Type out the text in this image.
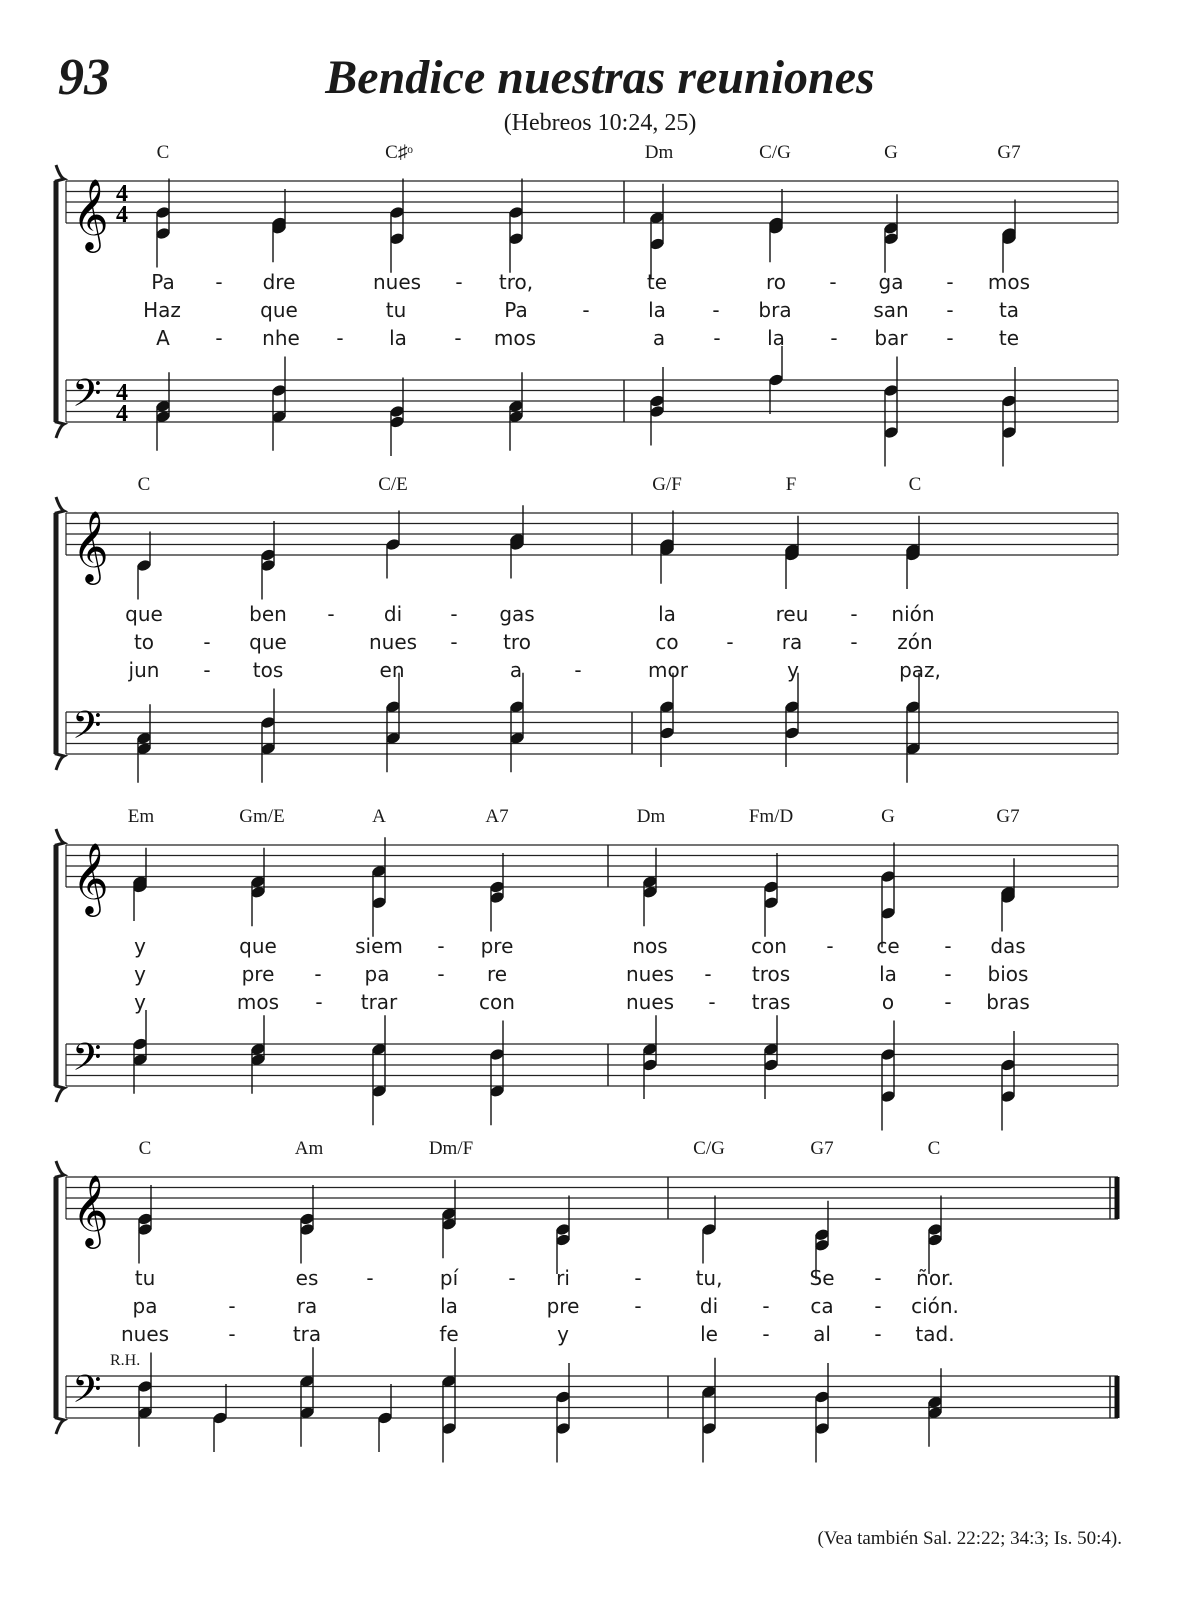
93	Bendice nuestras reuniones
(Hebreos 10:24, 25)
𝄞
𝄢
4
4
4
4
C	C♯ᵒ	Dm	C/G	G	G7
Pa - dre	nues - tro,	te	ro - ga - mos
Haz	que	tu	Pa	-	la - bra	san - ta
A - nhe - la - mos	a - la - bar - te
𝄞
𝄢
C	C/E	G/F	F	C
que	ben - di - gas	la	reu - nión
to - que	nues - tro	co - ra - zón
jun - tos	en	a	-	mor	y	paz,
𝄞
𝄢
Em	Gm/E	A	A7	Dm	Fm/D	G	G7
y	que	siem - pre	nos	con - ce - das
y	pre - pa - re	nues - tros	la - bios
y	mos - trar	con	nues - tras	o	- bras
𝄞
𝄢
C	Am	Dm/F	C/G	G7	C
tu	es -	pí	- ri	-	tu,	Se - ñor.
pa	-	ra	la	pre	-	di - ca - ción.
nues	-	tra	fe	y	le - al - tad.
R.H.
(Vea también Sal. 22:22; 34:3; Is. 50:4).
